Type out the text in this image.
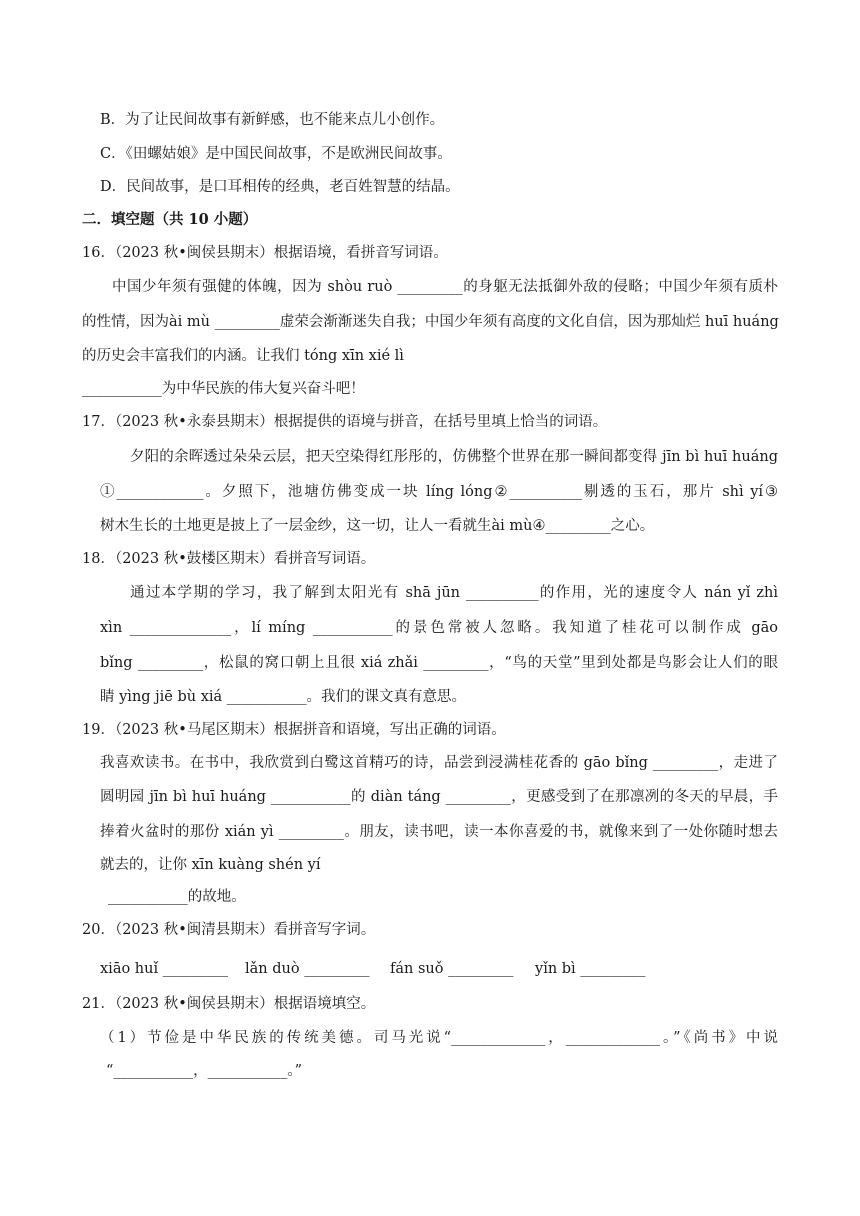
B．为了让民间故事有新鲜感，也不能来点儿小创作。
C．《田螺姑娘》是中国民间故事，不是欧洲民间故事。
D．民间故事，是口耳相传的经典，老百姓智慧的结晶。
二．填空题（共 10 小题）
16．（2023 秋•闽侯县期末）根据语境，看拼音写词语。
中国少年须有强健的体魄，因为 shòu ruò _________的身躯无法抵御外敌的侵略；中国少年须有质朴
的性情，因为ài mù _________虚荣会渐渐迷失自我；中国少年须有高度的文化自信，因为那灿烂 huī huáng
的历史会丰富我们的内涵。让我们 tóng xīn xié lì
___________为中华民族的伟大复兴奋斗吧！
17．（2023 秋•永泰县期末）根据提供的语境与拼音，在括号里填上恰当的词语。
夕阳的余晖透过朵朵云层，把天空染得红彤彤的，仿佛整个世界在那一瞬间都变得 jīn bì huī huáng
①____________。夕照下，池塘仿佛变成一块 líng lóng②__________剔透的玉石，那片 shì yí③
树木生长的土地更是披上了一层金纱，这一切，让人一看就生ài mù④_________之心。
18．（2023 秋•鼓楼区期末）看拼音写词语。
通过本学期的学习，我了解到太阳光有 shā jūn __________的作用，光的速度令人 nán yǐ zhì
xìn ______________，lí míng ___________的景色常被人忽略。我知道了桂花可以制作成 gāo
bǐng _________，松鼠的窝口朝上且很 xiá zhǎi _________，“鸟的天堂”里到处都是鸟影会让人们的眼
睛 yìng jiē bù xiá ___________。我们的课文真有意思。
19．（2023 秋•马尾区期末）根据拼音和语境，写出正确的词语。
我喜欢读书。在书中，我欣赏到白鹭这首精巧的诗，品尝到浸满桂花香的 gāo bǐng _________，走进了
圆明园 jīn bì huī huáng ___________的 diàn táng _________，更感受到了在那凛冽的冬天的早晨，手
捧着火盆时的那份 xián yì _________。朋友，读书吧，读一本你喜爱的书，就像来到了一处你随时想去
就去的，让你 xīn kuàng shén yí
___________的故地。
20．（2023 秋•闽清县期末）看拼音写字词。
xiāo huǐ _________ lǎn duò _________ fán suǒ _________ yǐn bì _________
21．（2023 秋•闽侯县期末）根据语境填空。
（1）节俭是中华民族的传统美德。司马光说“_____________，_____________。”《尚书》中说
“___________，___________。”
